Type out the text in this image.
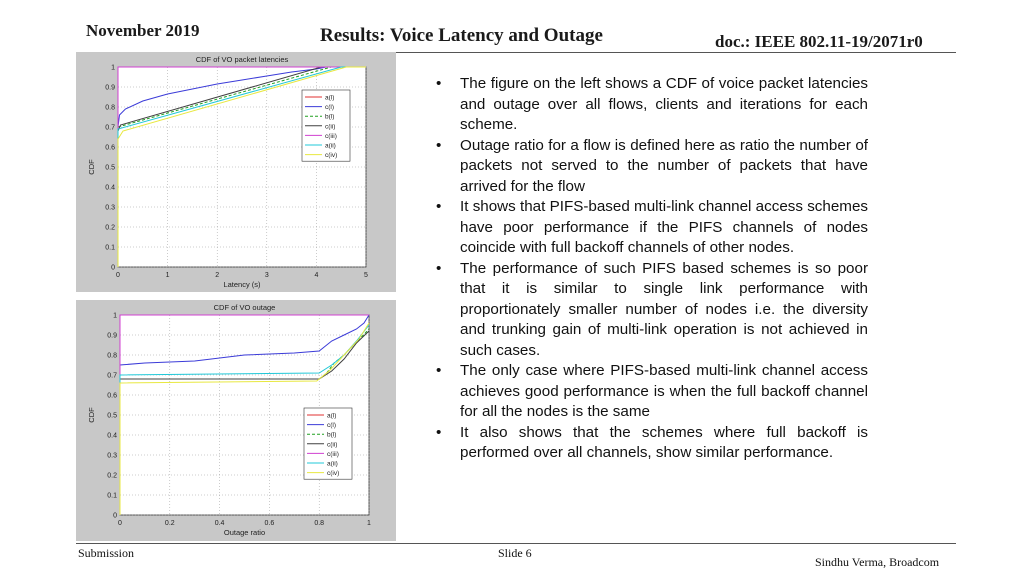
November 2019	Results: Voice Latency and Outage	doc.: IEEE 802.11-19/2071r0
0	1	2	3	4	5
0
0.1
0.2
0.3
0.4
0.5
0.6
0.7
0.8
0.9
1
CDF of VO packet latencies
Latency (s)
CDF
a(l)
c(l)
b(l)
c(ii)
c(iii)
a(ii)
c(iv)
0	0.2	0.4	0.6	0.8	1
0
0.1
0.2
0.3
0.4
0.5
0.6
0.7
0.8
0.9
1
CDF of VO outage
Outage ratio
CDF	a(l)
c(l)
b(l)
c(ii)
c(iii)
a(ii)
c(iv)
• The figure on the left shows a CDF of voice packet latencies and outage over all flows, clients and iterations for each scheme.
• Outage ratio for a flow is defined here as ratio the number of packets not served to the number of packets that have arrived for the flow
• It shows that PIFS-based multi-link channel access schemes have poor performance if the PIFS channels of nodes coincide with full backoff channels of other nodes.
• The performance of such PIFS based schemes is so poor that it is similar to single link performance with proportionately smaller number of nodes i.e. the diversity and trunking gain of multi-link operation is not achieved in such cases.
• The only case where PIFS-based multi-link channel access achieves good performance is when the full backoff channel for all the nodes is the same
• It also shows that the schemes where full backoff is performed over all channels, show similar performance.
Submission	Slide 6
Sindhu Verma, Broadcom
